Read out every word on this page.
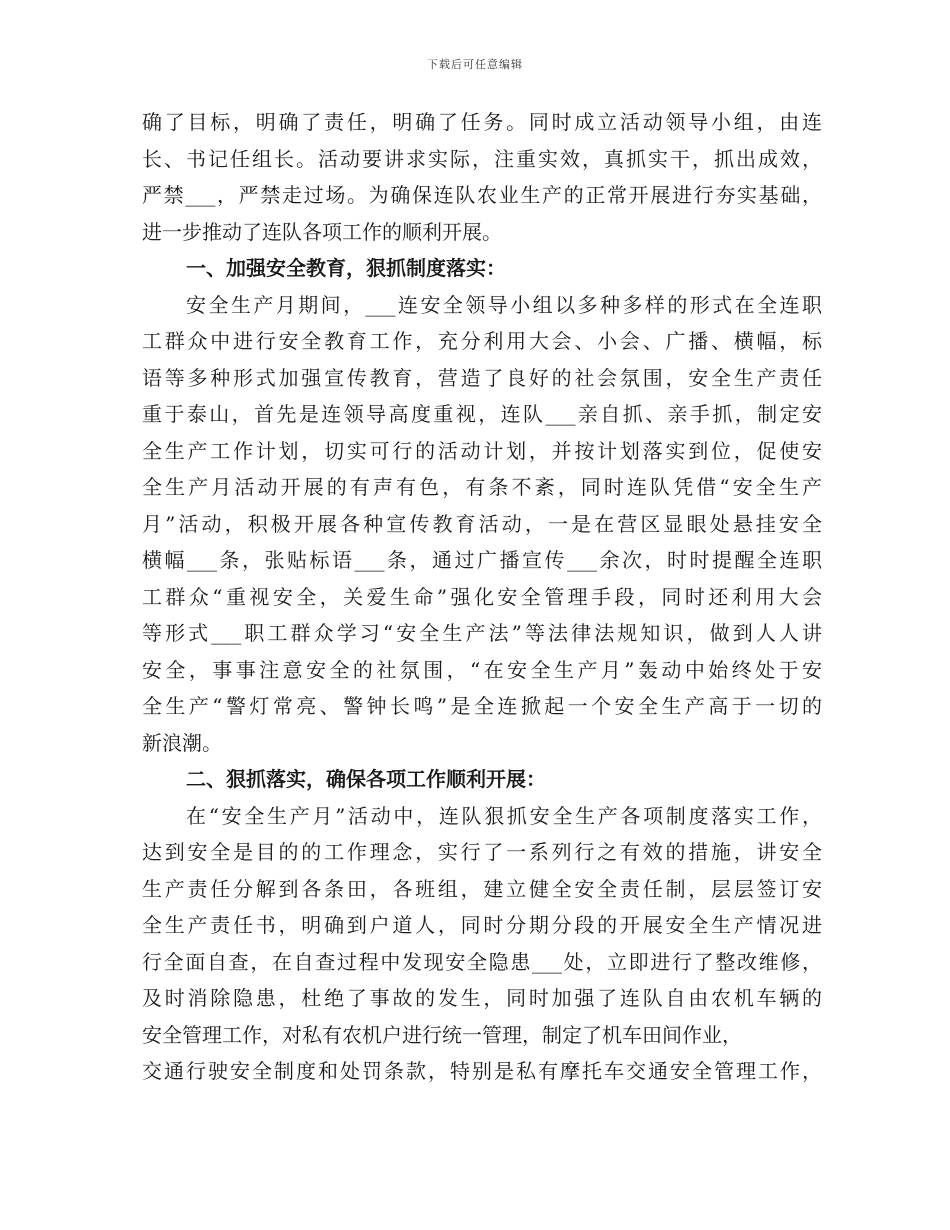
下载后可任意编辑
确了目标，明确了责任，明确了任务。同时成立活动领导小组，由连
长、书记任组长。活动要讲求实际，注重实效，真抓实干，抓出成效，
严禁___，严禁走过场。为确保连队农业生产的正常开展进行夯实基础，
进一步推动了连队各项工作的顺利开展。
一、加强安全教育，狠抓制度落实：
安全生产月期间，___连安全领导小组以多种多样的形式在全连职
工群众中进行安全教育工作，充分利用大会、小会、广播、横幅，标
语等多种形式加强宣传教育，营造了良好的社会氛围，安全生产责任
重于泰山，首先是连领导高度重视，连队___亲自抓、亲手抓，制定安
全生产工作计划，切实可行的活动计划，并按计划落实到位，促使安
全生产月活动开展的有声有色，有条不紊，同时连队凭借“安全生产
月”活动，积极开展各种宣传教育活动，一是在营区显眼处悬挂安全
横幅___条，张贴标语___条，通过广播宣传___余次，时时提醒全连职
工群众“重视安全，关爱生命”强化安全管理手段，同时还利用大会
等形式___职工群众学习“安全生产法”等法律法规知识，做到人人讲
安全，事事注意安全的社氛围，“在安全生产月”轰动中始终处于安
全生产“警灯常亮、警钟长鸣”是全连掀起一个安全生产高于一切的
新浪潮。
二、狠抓落实，确保各项工作顺利开展：
在“安全生产月”活动中，连队狠抓安全生产各项制度落实工作，
达到安全是目的的工作理念，实行了一系列行之有效的措施，讲安全
生产责任分解到各条田，各班组，建立健全安全责任制，层层签订安
全生产责任书，明确到户道人，同时分期分段的开展安全生产情况进
行全面自查，在自查过程中发现安全隐患___处，立即进行了整改维修，
及时消除隐患，杜绝了事故的发生，同时加强了连队自由农机车辆的
安全管理工作，对私有农机户进行统一管理，制定了机车田间作业，
交通行驶安全制度和处罚条款，特别是私有摩托车交通安全管理工作，
